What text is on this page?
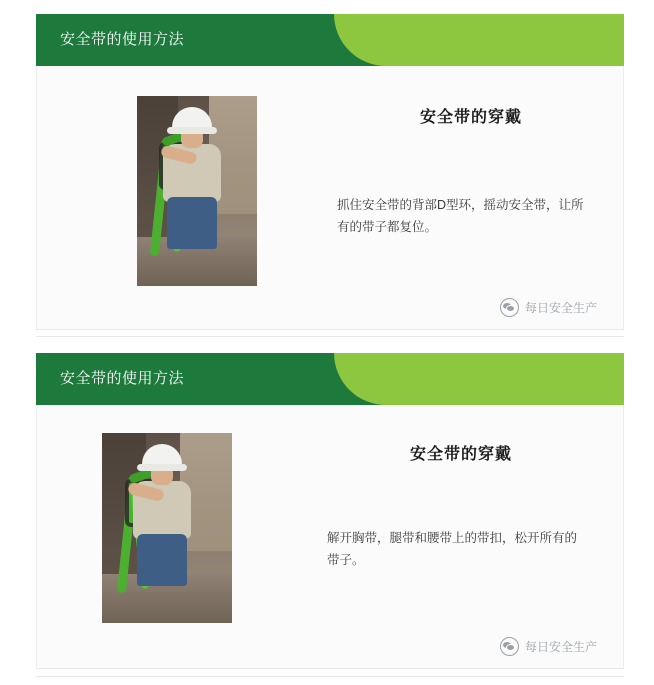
安全带的使用方法
安全带的穿戴
抓住安全带的背部D型环，摇动安全带，让所有的带子都复位。
每日安全生产
安全带的使用方法
安全带的穿戴
解开胸带，腿带和腰带上的带扣，松开所有的带子。
每日安全生产
